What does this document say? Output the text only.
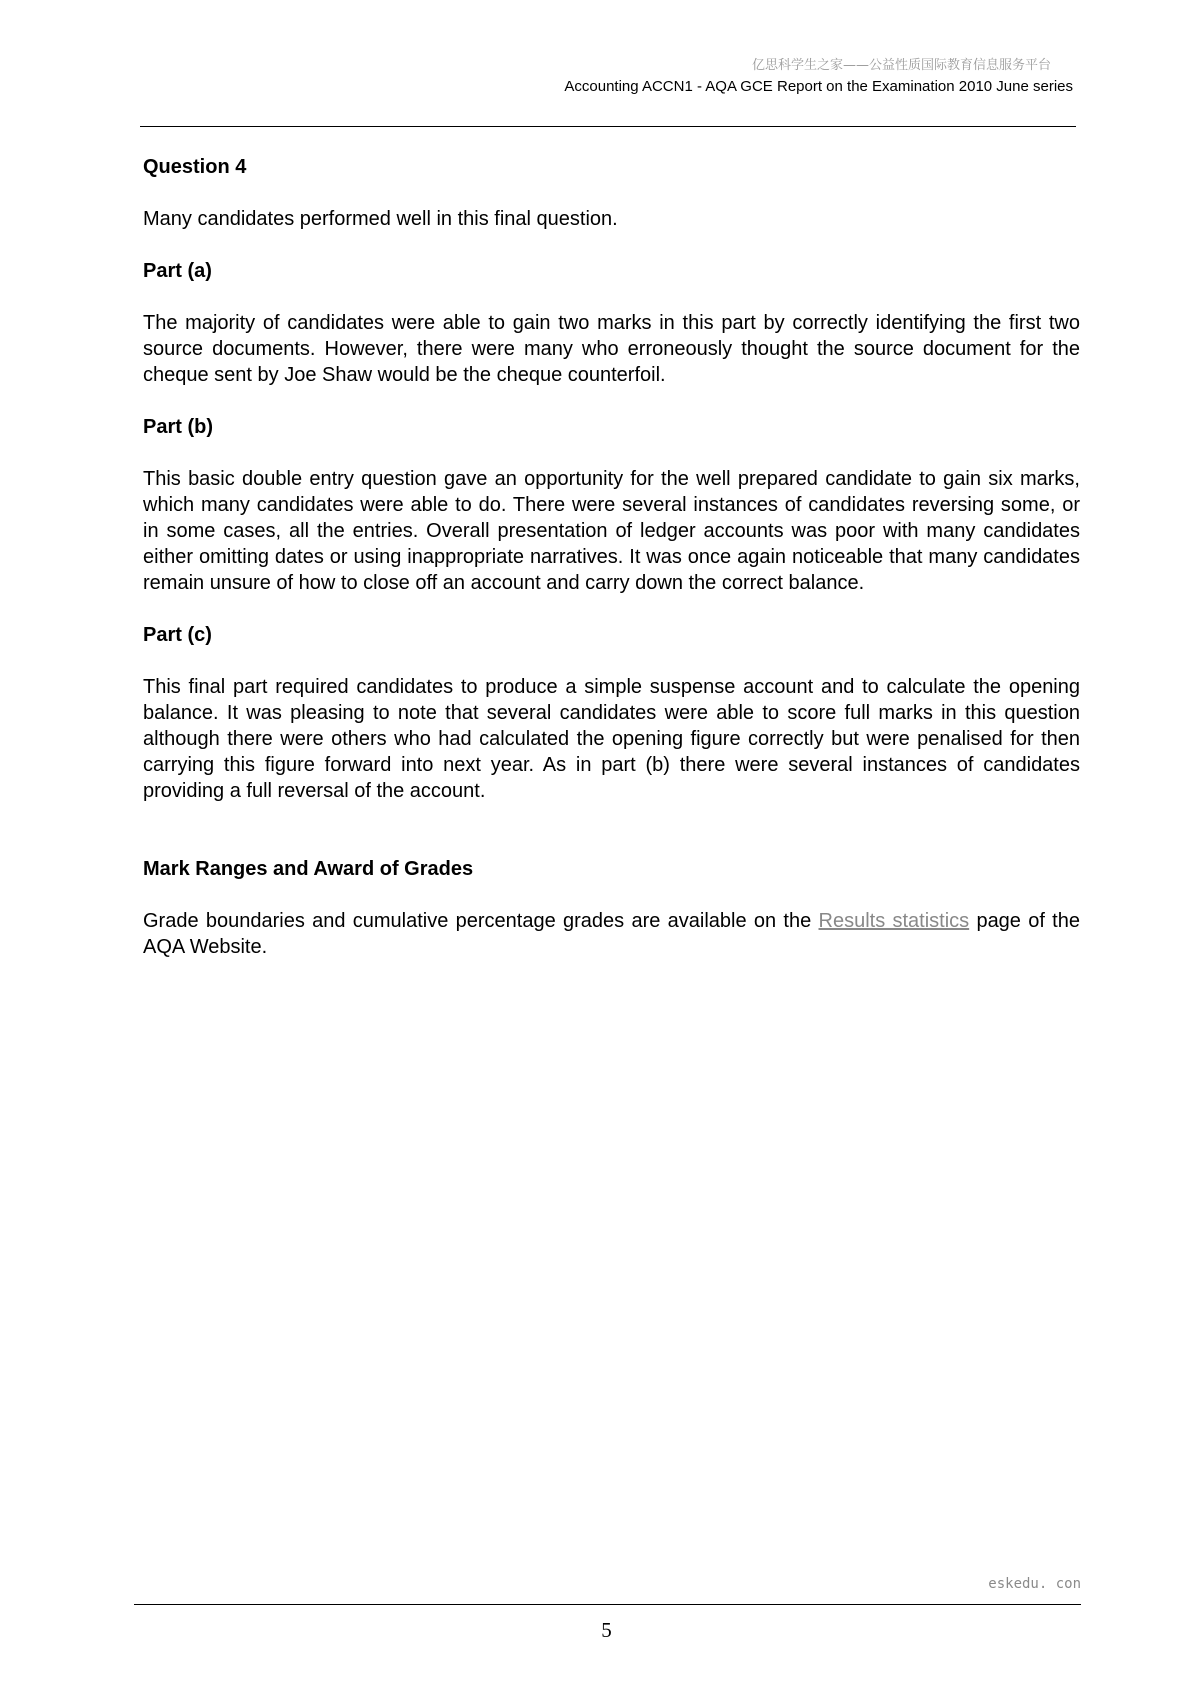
亿思科学生之家——公益性质国际教育信息服务平台
Accounting ACCN1 - AQA GCE Report on the Examination 2010 June series
Question 4

Many candidates performed well in this final question.

Part (a)

The majority of candidates were able to gain two marks in this part by correctly identifying the first two source documents. However, there were many who erroneously thought the source document for the cheque sent by Joe Shaw would be the cheque counterfoil.

Part (b)

This basic double entry question gave an opportunity for the well prepared candidate to gain six marks, which many candidates were able to do. There were several instances of candidates reversing some, or in some cases, all the entries. Overall presentation of ledger accounts was poor with many candidates either omitting dates or using inappropriate narratives. It was once again noticeable that many candidates remain unsure of how to close off an account and carry down the correct balance.

Part (c)

This final part required candidates to produce a simple suspense account and to calculate the opening balance. It was pleasing to note that several candidates were able to score full marks in this question although there were others who had calculated the opening figure correctly but were penalised for then carrying this figure forward into next year. As in part (b) there were several instances of candidates providing a full reversal of the account.

Mark Ranges and Award of Grades

Grade boundaries and cumulative percentage grades are available on the Results statistics page of the AQA Website.

eskedu. con
5
